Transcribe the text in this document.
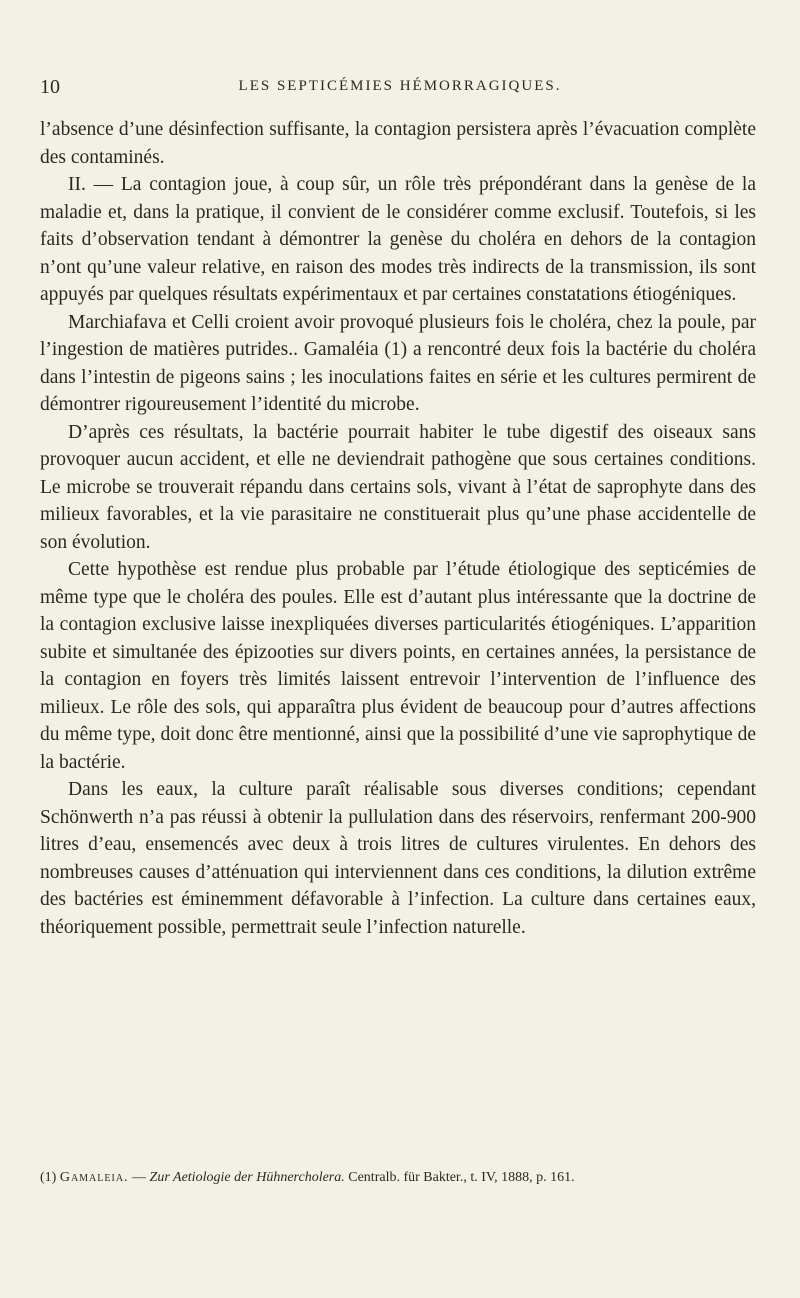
10	LES SEPTICÉMIES HÉMORRAGIQUES.

l’absence d’une désinfection suffisante, la contagion persistera après l’évacuation complète des contaminés.

II. — La contagion joue, à coup sûr, un rôle très prépondérant dans la genèse de la maladie et, dans la pratique, il convient de le considérer comme exclusif. Toutefois, si les faits d’observation tendant à démontrer la genèse du choléra en dehors de la contagion n’ont qu’une valeur relative, en raison des modes très indirects de la transmission, ils sont appuyés par quelques résultats expérimentaux et par certaines constatations étiogéniques.

Marchiafava et Celli croient avoir provoqué plusieurs fois le choléra, chez la poule, par l’ingestion de matières putrides.. Gamaléia (1) a rencontré deux fois la bactérie du choléra dans l’intestin de pigeons sains ; les inoculations faites en série et les cultures permirent de démontrer rigoureusement l’identité du microbe.

D’après ces résultats, la bactérie pourrait habiter le tube digestif des oiseaux sans provoquer aucun accident, et elle ne deviendrait pathogène que sous certaines conditions. Le microbe se trouverait répandu dans certains sols, vivant à l’état de saprophyte dans des milieux favorables, et la vie parasitaire ne constituerait plus qu’une phase accidentelle de son évolution.

Cette hypothèse est rendue plus probable par l’étude étiologique des septicémies de même type que le choléra des poules. Elle est d’autant plus intéressante que la doctrine de la contagion exclusive laisse inexpliquées diverses particularités étiogéniques. L’apparition subite et simultanée des épizooties sur divers points, en certaines années, la persistance de la contagion en foyers très limités laissent entrevoir l’intervention de l’influence des milieux. Le rôle des sols, qui apparaîtra plus évident de beaucoup pour d’autres affections du même type, doit donc être mentionné, ainsi que la possibilité d’une vie saprophytique de la bactérie.

Dans les eaux, la culture paraît réalisable sous diverses conditions; cependant Schönwerth n’a pas réussi à obtenir la pullulation dans des réservoirs, renfermant 200-900 litres d’eau, ensemencés avec deux à trois litres de cultures virulentes. En dehors des nombreuses causes d’atténuation qui interviennent dans ces conditions, la dilution extrême des bactéries est éminemment défavorable à l’infection. La culture dans certaines eaux, théoriquement possible, permettrait seule l’infection naturelle.

(1) Gamaleia. — Zur Aetiologie der Hühnercholera. Centralb. für Bakter., t. IV, 1888, p. 161.
